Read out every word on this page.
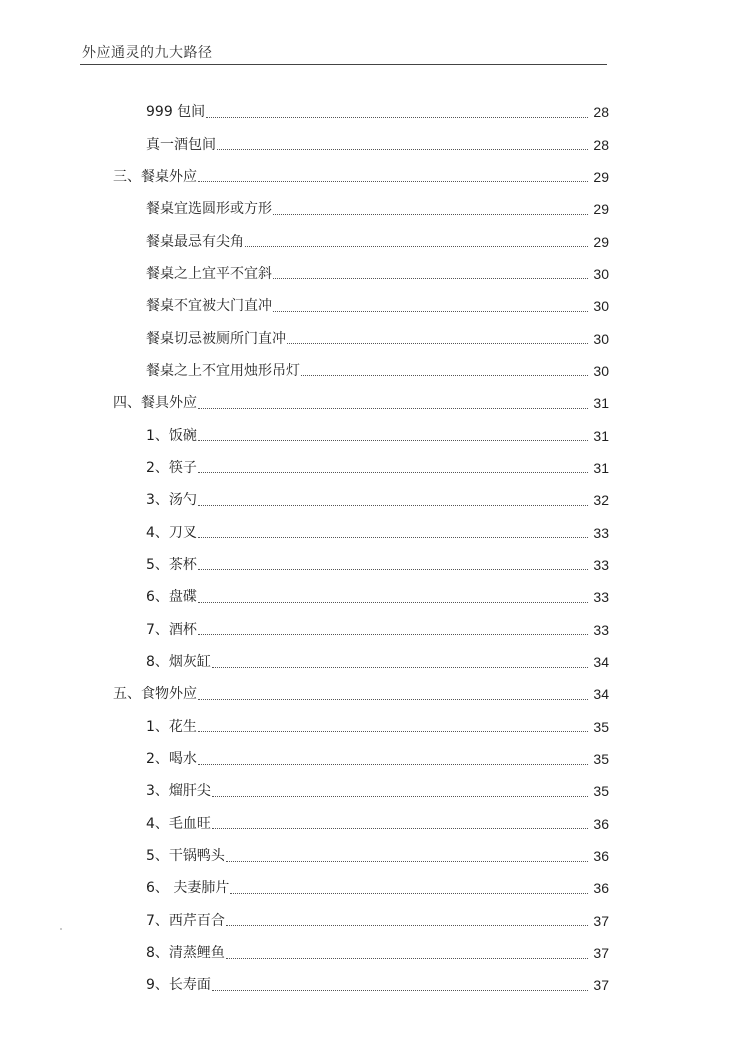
外应通灵的九大路径
999 包间	28
真一酒包间	28
三、餐桌外应	29
餐桌宜选圆形或方形	29
餐桌最忌有尖角	29
餐桌之上宜平不宜斜	30
餐桌不宜被大门直冲	30
餐桌切忌被厕所门直冲	30
餐桌之上不宜用烛形吊灯	30
四、餐具外应	31
1、饭碗	31
2、筷子	31
3、汤勺	32
4、刀叉	33
5、茶杯	33
6、盘碟	33
7、酒杯	33
8、烟灰缸	34
五、食物外应	34
1、花生	35
2、喝水	35
3、熘肝尖	35
4、毛血旺	36
5、干锅鸭头	36
6、 夫妻肺片	36
7、西芹百合	37
8、清蒸鲤鱼	37
9、长寿面	37
